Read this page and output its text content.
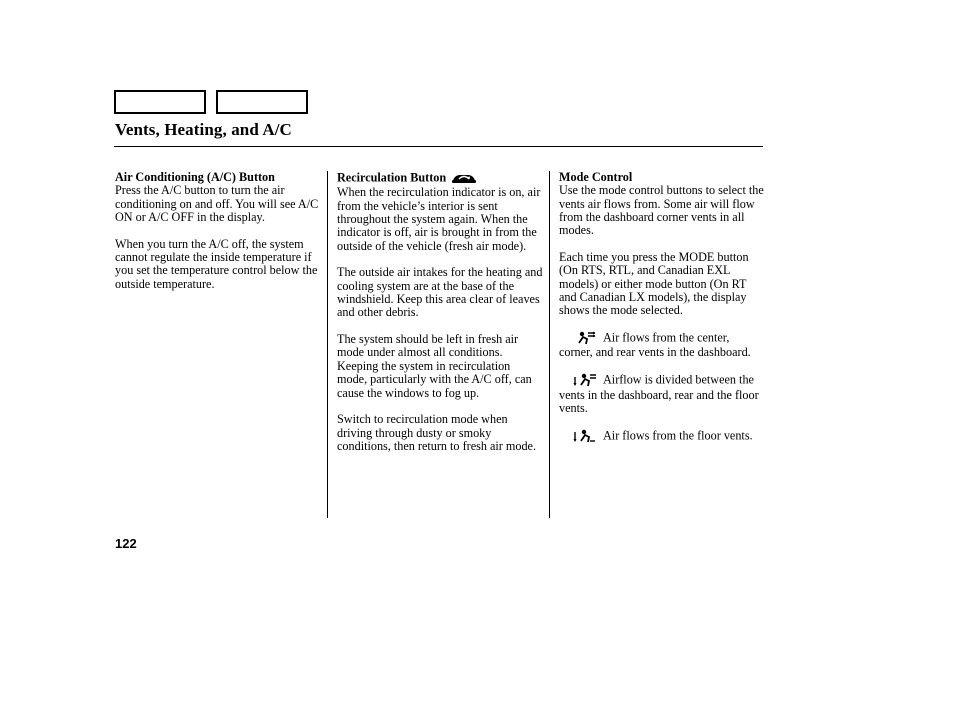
Vents, Heating, and A/C
Air Conditioning (A/C) Button

Press the A/C button to turn the air conditioning on and off. You will see A/C ON or A/C OFF in the display.

When you turn the A/C off, the system cannot regulate the inside temperature if you set the temperature control below the outside temperature.

Recirculation Button

When the recirculation indicator is on, air from the vehicle’s interior is sent throughout the system again. When the indicator is off, air is brought in from the outside of the vehicle (fresh air mode).

The outside air intakes for the heating and cooling system are at the base of the windshield. Keep this area clear of leaves and other debris.

The system should be left in fresh air mode under almost all conditions. Keeping the system in recirculation mode, particularly with the A/C off, can cause the windows to fog up.

Switch to recirculation mode when driving through dusty or smoky conditions, then return to fresh air mode.

Mode Control

Use the mode control buttons to select the vents air flows from. Some air will flow from the dashboard corner vents in all modes.

Each time you press the MODE button (On RTS, RTL, and Canadian EXL models) or either mode button (On RT and Canadian LX models), the display shows the mode selected.

Air flows from the center, corner, and rear vents in the dashboard.

Airflow is divided between the vents in the dashboard, rear and the floor vents.

Air flows from the floor vents.

122
